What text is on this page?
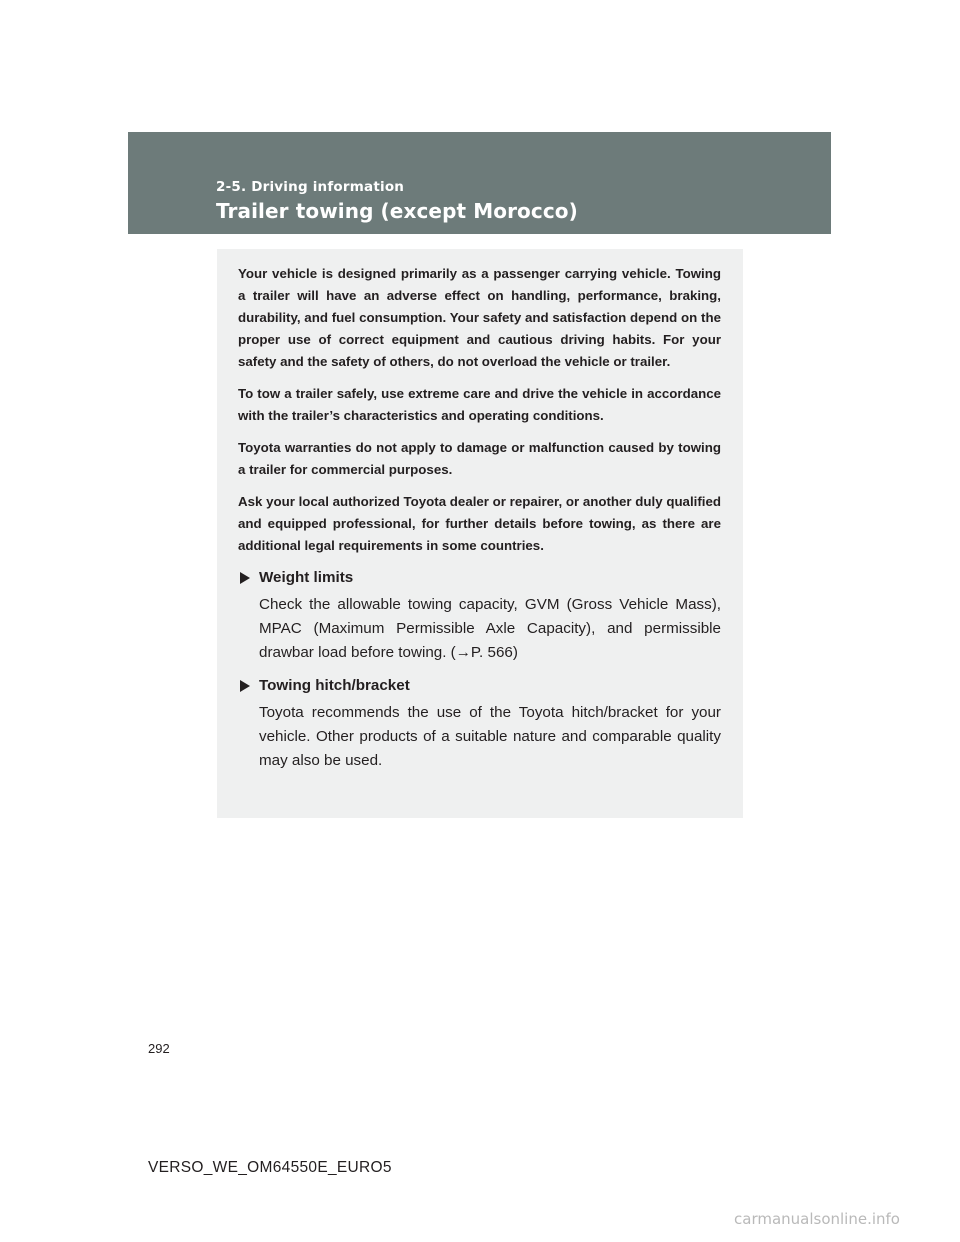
2-5. Driving information
Trailer towing (except Morocco)

Your vehicle is designed primarily as a passenger carrying vehicle. Towing a trailer will have an adverse effect on handling, performance, braking, durability, and fuel consumption. Your safety and satisfaction depend on the proper use of correct equipment and cautious driving habits. For your safety and the safety of others, do not overload the vehicle or trailer.

To tow a trailer safely, use extreme care and drive the vehicle in accordance with the trailer’s characteristics and operating conditions.

Toyota warranties do not apply to damage or malfunction caused by towing a trailer for commercial purposes.

Ask your local authorized Toyota dealer or repairer, or another duly qualified and equipped professional, for further details before towing, as there are additional legal requirements in some countries.

Weight limits

Check the allowable towing capacity, GVM (Gross Vehicle Mass), MPAC (Maximum Permissible Axle Capacity), and permissible drawbar load before towing. (→P. 566)

Towing hitch/bracket

Toyota recommends the use of the Toyota hitch/bracket for your vehicle. Other products of a suitable nature and comparable quality may also be used.

292
VERSO_WE_OM64550E_EURO5
carmanualsonline.info
